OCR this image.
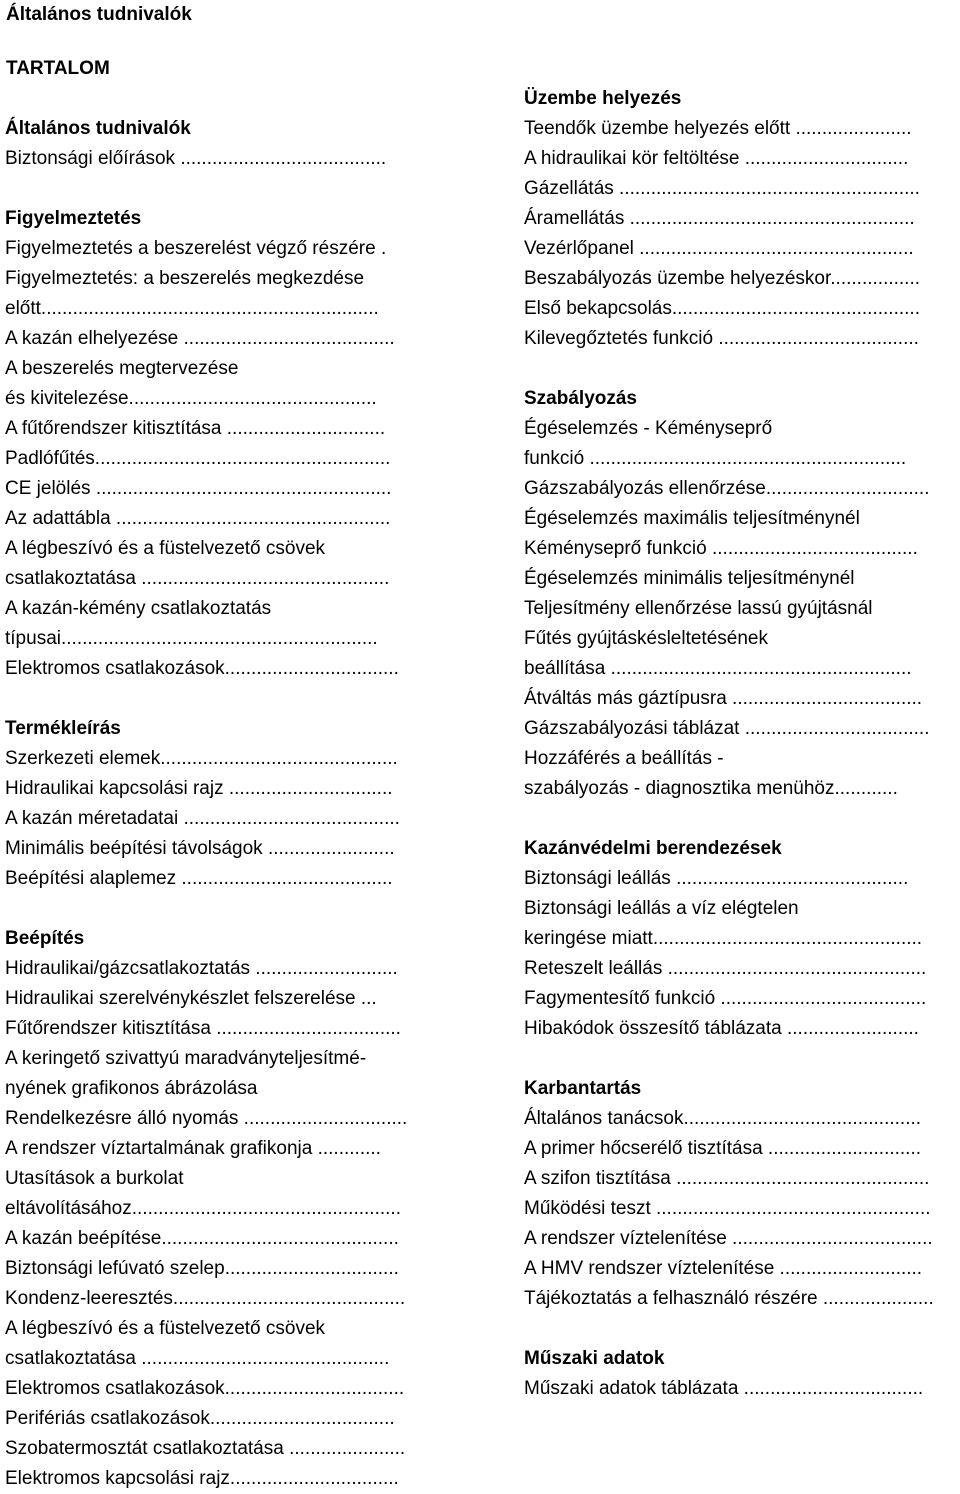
Általános tudnivalók
TARTALOM
Általános tudnivalók
Biztonsági előírások .......................................
Figyelmeztetés
Figyelmeztetés a beszerelést végző részére .
Figyelmeztetés: a beszerelés megkezdése
előtt................................................................
A kazán elhelyezése ........................................
A beszerelés megtervezése
és kivitelezése...............................................
A fűtőrendszer kitisztítása ..............................
Padlófűtés........................................................
CE jelölés ........................................................
Az adattábla ....................................................
A légbeszívó és a füstelvezető csövek
csatlakoztatása ...............................................
A kazán-kémény csatlakoztatás
típusai............................................................
Elektromos csatlakozások.................................
Termékleírás
Szerkezeti elemek.............................................
Hidraulikai kapcsolási rajz ...............................
A kazán méretadatai .........................................
Minimális beépítési távolságok ........................
Beépítési alaplemez ........................................
Beépítés
Hidraulikai/gázcsatlakoztatás ...........................
Hidraulikai szerelvénykészlet felszerelése ...
Fűtőrendszer kitisztítása ...................................
A keringető szivattyú maradványteljesítmé-
nyének grafikonos ábrázolása
Rendelkezésre álló nyomás ...............................
A rendszer víztartalmának grafikonja ............
Utasítások a burkolat
eltávolításához...................................................
A kazán beépítése.............................................
Biztonsági lefúvató szelep.................................
Kondenz-leeresztés............................................
A légbeszívó és a füstelvezető csövek
csatlakoztatása ...............................................
Elektromos csatlakozások..................................
Perifériás csatlakozások...................................
Szobatermosztát csatlakoztatása ......................
Elektromos kapcsolási rajz................................
Üzembe helyezés
Teendők üzembe helyezés előtt ......................
A hidraulikai kör feltöltése ...............................
Gázellátás .........................................................
Áramellátás ......................................................
Vezérlőpanel ....................................................
Beszabályozás üzembe helyezéskor.................
Első bekapcsolás...............................................
Kilevegőztetés funkció ......................................
Szabályozás
Égéselemzés - Kéményseprő
funkció ............................................................
Gázszabályozás ellenőrzése...............................
Égéselemzés maximális teljesítménynél
Kéményseprő funkció .......................................
Égéselemzés minimális teljesítménynél
Teljesítmény ellenőrzése lassú gyújtásnál
Fűtés gyújtáskésleltetésének
beállítása .........................................................
Átváltás más gáztípusra ....................................
Gázszabályozási táblázat ...................................
Hozzáférés a beállítás -
szabályozás - diagnosztika menühöz............
Kazánvédelmi berendezések
Biztonsági leállás ............................................
Biztonsági leállás a víz elégtelen
keringése miatt...................................................
Reteszelt leállás .................................................
Fagymentesítő funkció .......................................
Hibakódok összesítő táblázata .........................
Karbantartás
Általános tanácsok.............................................
A primer hőcserélő tisztítása .............................
A szifon tisztítása ................................................
Működési teszt ....................................................
A rendszer víztelenítése ......................................
A HMV rendszer víztelenítése ...........................
Tájékoztatás a felhasználó részére .....................
Műszaki adatok
Műszaki adatok táblázata ..................................
